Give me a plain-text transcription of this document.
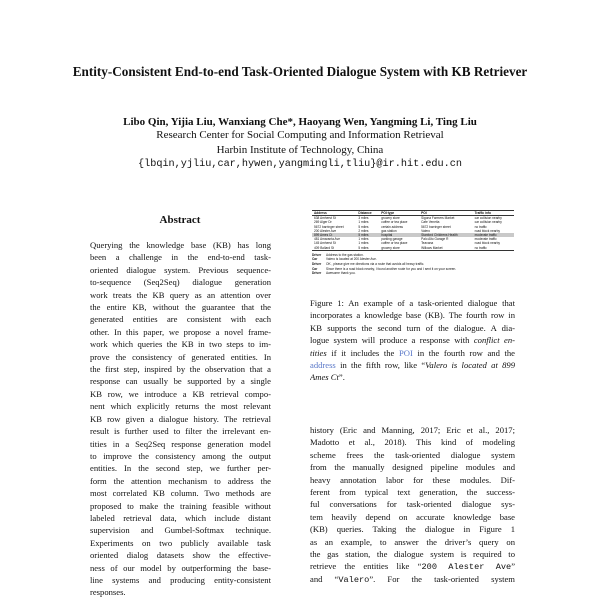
Entity-Consistent End-to-end Task-Oriented Dialogue System with KB Retriever
Libo Qin, Yijia Liu, Wanxiang Che*, Haoyang Wen, Yangming Li, Ting Liu
Research Center for Social Computing and Information Retrieval
Harbin Institute of Technology, China
{lbqin,yjliu,car,hywen,yangmingli,tliu}@ir.hit.edu.cn
Abstract
Querying the knowledge base (KB) has long
been a challenge in the end-to-end task-
oriented dialogue system. Previous sequence-
to-sequence (Seq2Seq) dialogue generation
work treats the KB query as an attention over
the entire KB, without the guarantee that the
generated entities are consistent with each
other. In this paper, we propose a novel frame-
work which queries the KB in two steps to im-
prove the consistency of generated entities. In
the first step, inspired by the observation that a
response can usually be supported by a single
KB row, we introduce a KB retrieval compo-
nent which explicitly returns the most relevant
KB row given a dialogue history. The retrieval
result is further used to filter the irrelevant en-
tities in a Seq2Seq response generation model
to improve the consistency among the output
entities. In the second step, we further per-
form the attention mechanism to address the
most correlated KB column. Two methods are
proposed to make the training feasible without
labeled retrieval data, which include distant
supervision and Gumbel-Softmax technique.
Experiments on two publicly available task
oriented dialog datasets show the effective-
ness of our model by outperforming the base-
line systems and producing entity-consistent
responses.
Address	Distance	POI type	POI	Traffic info
638 Amherst St	3 miles	grocery store	Sigona Farmers Market	car collision nearby
269 Alger Dr	1 miles	coffee or tea place	Cafe Venetia	car collision nearby
5672 barringer street	5 miles	certain address	5672 barringer street	no traffic
200 Alester Ave	2 miles	gas station	Valero	road block nearby
899 Ames Ct	5 miles	hospital	Stanford Childrens Health	moderate traffic
481 Amaranta Ave	1 miles	parking garage	Palo Alto Garage R	moderate traffic
145 Amherst St	1 miles	coffee or tea place	Teavana	road block nearby
409 Bollard St	5 miles	grocery store	Willows Market	no traffic
Driver	Address to the gas station.
Car	Valero is located at 200 Alester Ave.
Driver	OK , please give me directions via a route that avoids all heavy traffic.
Car	Since there is a road block nearby, I found another route for you and I sent it on your screen.
Driver	Awesome thank you.
Figure 1: An example of a task-oriented dialogue that
incorporates a knowledge base (KB). The fourth row in
KB supports the second turn of the dialogue. A dia-
logue system will produce a response with conflict en-
tities if it includes the POI in the fourth row and the
address in the fifth row, like “Valero is located at 899
Ames Ct”.
history (Eric and Manning, 2017; Eric et al., 2017;
Madotto et al., 2018). This kind of modeling
scheme frees the task-oriented dialogue system
from the manually designed pipeline modules and
heavy annotation labor for these modules. Dif-
ferent from typical text generation, the success-
ful conversations for task-oriented dialogue sys-
tem heavily depend on accurate knowledge base
(KB) queries. Taking the dialogue in Figure 1
as an example, to answer the driver’s query on
the gas station, the dialogue system is required to
retrieve the entities like “200 Alester Ave”
and “Valero”. For the task-oriented system
